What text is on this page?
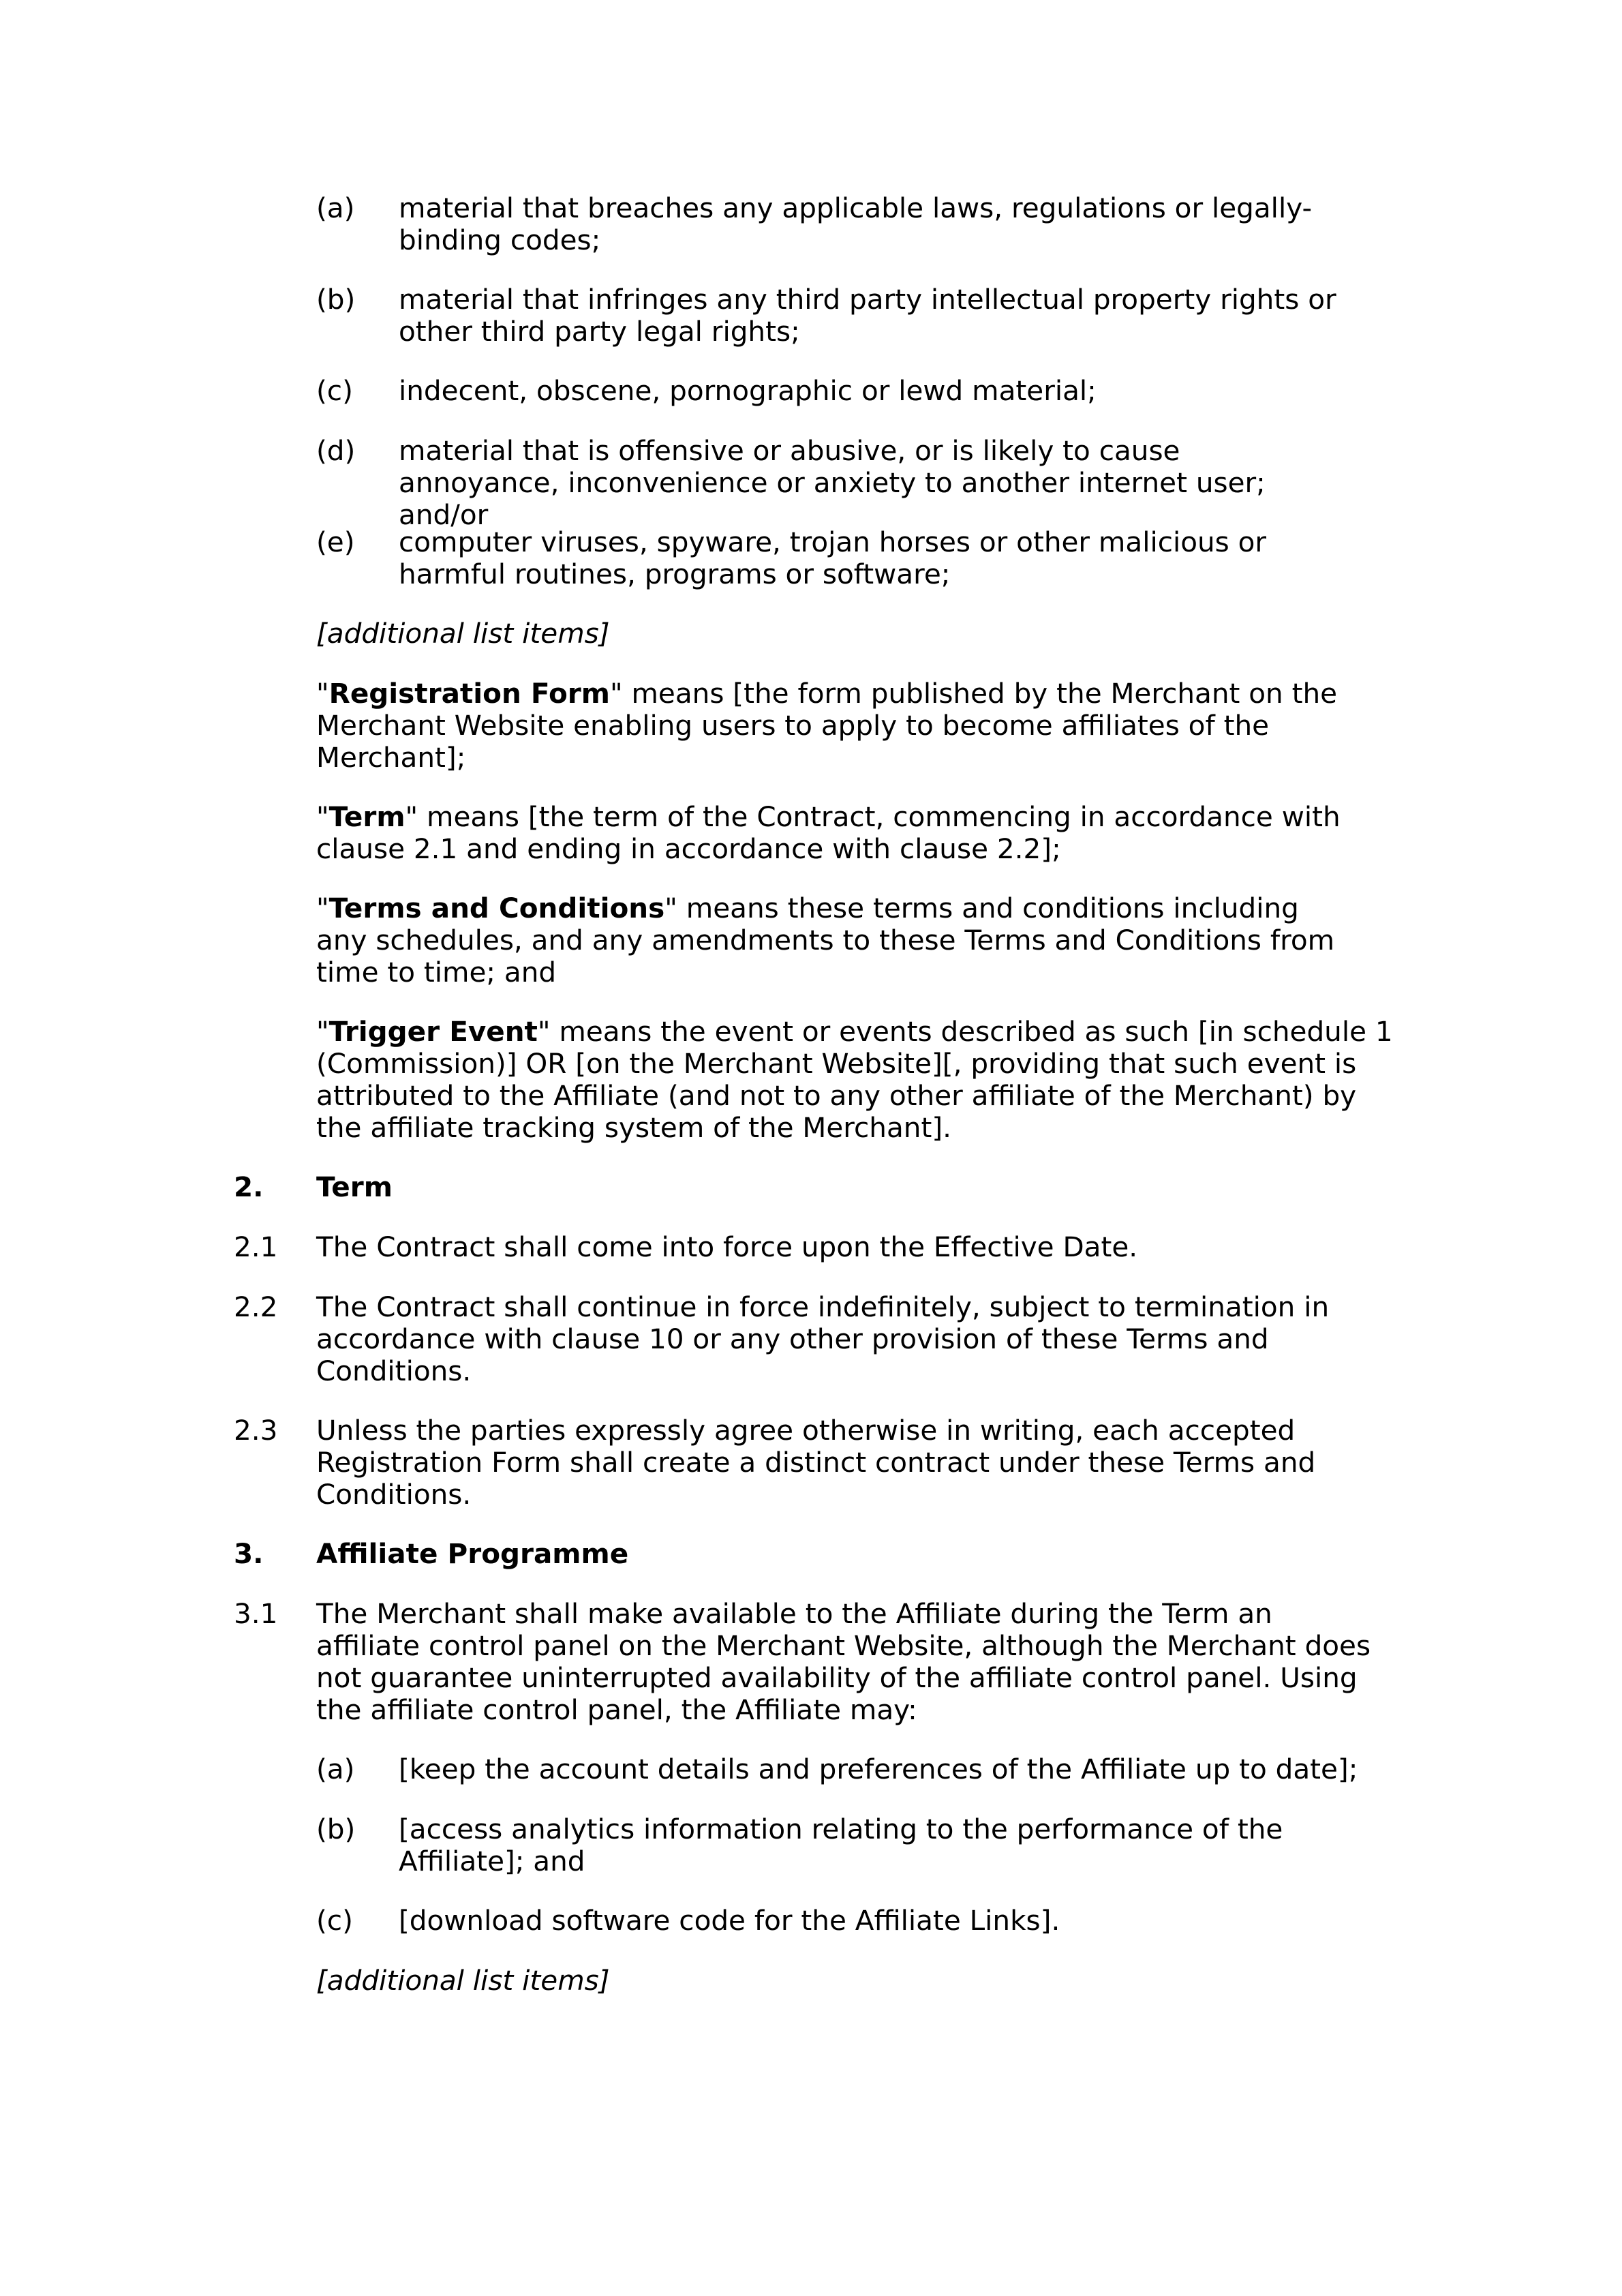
(a) material that breaches any applicable laws, regulations or legally-binding codes;

(b) material that infringes any third party intellectual property rights or other third party legal rights;

(c) indecent, obscene, pornographic or lewd material;

(d) material that is offensive or abusive, or is likely to cause annoyance, inconvenience or anxiety to another internet user; and/or

(e) computer viruses, spyware, trojan horses or other malicious or harmful routines, programs or software;

[additional list items]

"Registration Form" means [the form published by the Merchant on the Merchant Website enabling users to apply to become affiliates of the Merchant];

"Term" means [the term of the Contract, commencing in accordance with clause 2.1 and ending in accordance with clause 2.2];

"Terms and Conditions" means these terms and conditions including any schedules, and any amendments to these Terms and Conditions from time to time; and

"Trigger Event" means the event or events described as such [in schedule 1 (Commission)] OR [on the Merchant Website][, providing that such event is attributed to the Affiliate (and not to any other affiliate of the Merchant) by the affiliate tracking system of the Merchant].

2. Term
2.1 The Contract shall come into force upon the Effective Date.

2.2 The Contract shall continue in force indefinitely, subject to termination in accordance with clause 10 or any other provision of these Terms and Conditions.

2.3 Unless the parties expressly agree otherwise in writing, each accepted Registration Form shall create a distinct contract under these Terms and Conditions.

3. Affiliate Programme
3.1 The Merchant shall make available to the Affiliate during the Term an affiliate control panel on the Merchant Website, although the Merchant does not guarantee uninterrupted availability of the affiliate control panel. Using the affiliate control panel, the Affiliate may:

(a) [keep the account details and preferences of the Affiliate up to date];

(b) [access analytics information relating to the performance of the Affiliate]; and

(c) [download software code for the Affiliate Links].

[additional list items]
